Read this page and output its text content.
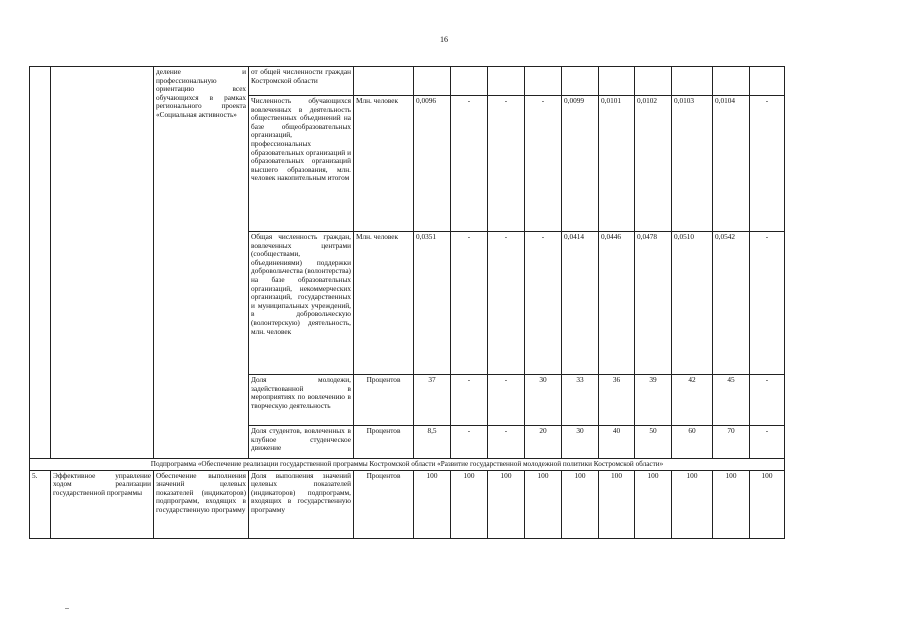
16
		деление и профессиональную ориентацию всех обучающихся в рамках регионального проекта «Социальная активность»	от общей численности граждан Костромской области											
			Численность обучающихся вовлеченных в деятельность общественных объединений на базе общеобразовательных организаций, профессиональных образовательных организаций и образовательных организаций высшего образования, млн. человек накопительным итогом	Млн. человек	0,0096	-	-	-	0,0099	0,0101	0,0102	0,0103	0,0104	-
			Общая численность граждан, вовлеченных центрами (сообществами, объединениями) поддержки добровольчества (волонтерства) на базе образовательных организаций, некоммерческих организаций, государственных и муниципальных учреждений, в добровольческую (волонтерскую) деятельность, млн. человек	Млн. человек	0,0351	-	-	-	0,0414	0,0446	0,0478	0,0510	0,0542	-
			Доля молодежи, задействованной в мероприятиях по вовлечению в творческую деятельность	Процентов	37	-	-	30	33	36	39	42	45	-
			Доля студентов, вовлеченных в клубное студенческое движение	Процентов	8,5	-	-	20	30	40	50	60	70	-
Подпрограмма «Обеспечение реализации государственной программы Костромской области «Развитие государственной молодежной политики Костромской области»														
5.	Эффективное управление ходом реализации государственной программы	Обеспечение выполнения значений целевых показателей (индикаторов) подпрограмм, входящих в государственную программу	Доля выполнения значений целевых показателей (индикаторов) подпрограмм, входящих в государственную программу	Процентов	100	100	100	100	100	100	100	100	100	100
